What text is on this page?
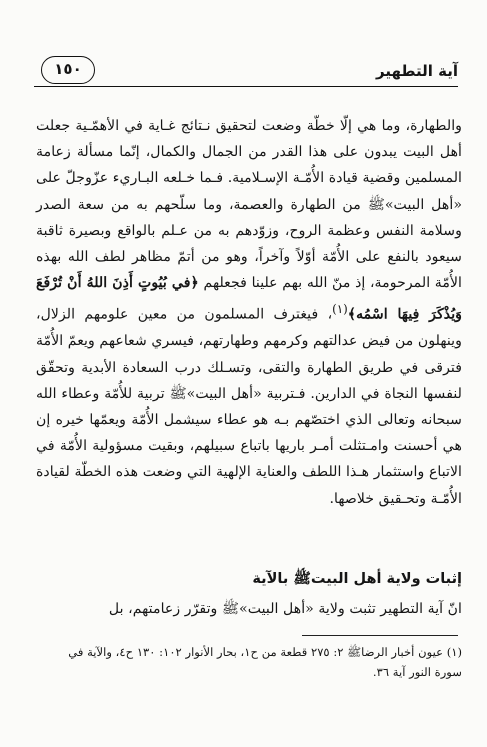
آية التطهير
١٥٠

والطهارة، وما هي إلّا خطّة وضعت لتحقيق نـتائج غـاية في الأهمّـية جعلت أهل البيت يبدون على هذا القدر من الجمال والكمال، إنّما مسألة زعامة المسلمين وقضية قيادة الأُمّـة الإسـلامية. فـما خـلعه البـاريء عزّوجلّ على «أهل البيت»ﷺ من الطهارة والعصمة، وما سلّحهم به من سعة الصدر وسلامة النفس وعظمة الروح، وزوّدهم به من عـلم بالواقع وبصيرة ثاقبة سيعود بالنفع على الأُمّة أوّلاً وآخراً، وهو من أتمّ مظاهر لطف الله بهذه الأُمّة المرحومة، إذ منّ الله بهم علينا فجعلهم ﴿في بُيُوتٍ أَذِنَ اللهُ أَنْ تُرْفَعَ وَيُذْكَرَ فِيهَا اسْمُه﴾$^{(١)}$، فيغترف المسلمون من معين علومهم الزلال، وينهلون من فيض عدالتهم وكرمهم وطهارتهم، فيسري شعاعهم ويعمّ الأُمّة فترقى في طريق الطهارة والتقى، وتسـلك درب السعادة الأبدية وتحقّق لنفسها النجاة في الدارين. فـتربية «أهل البيت»ﷺ تربية للأُمّة وعطاء الله سبحانه وتعالى الذي اختصّهم بـه هو عطاء سيشمل الأُمّة ويعمّها خيره إن هي أحسنت وامـتثلت أمـر باريها باتباع سبيلهم، وبقيت مسؤولية الأُمّة في الاتباع واستثمار هـذا اللطف والعناية الإلهية التي وضعت هذه الخطّة لقيادة الأُمّـة وتحـقيق خلاصها.

إثبات ولاية أهل البيتﷺ بالآية
انّ آية التطهير تثبت ولاية «أهل البيت»ﷺ وتقرّر زعامتهم، بل

(١) عيون أخبار الرضاﷺ ٢: ٢٧٥ قطعة من ح١، بحار الأنوار ١٠٢: ١٣٠ ح٤، والآية في

سورة النور آية ٣٦.
